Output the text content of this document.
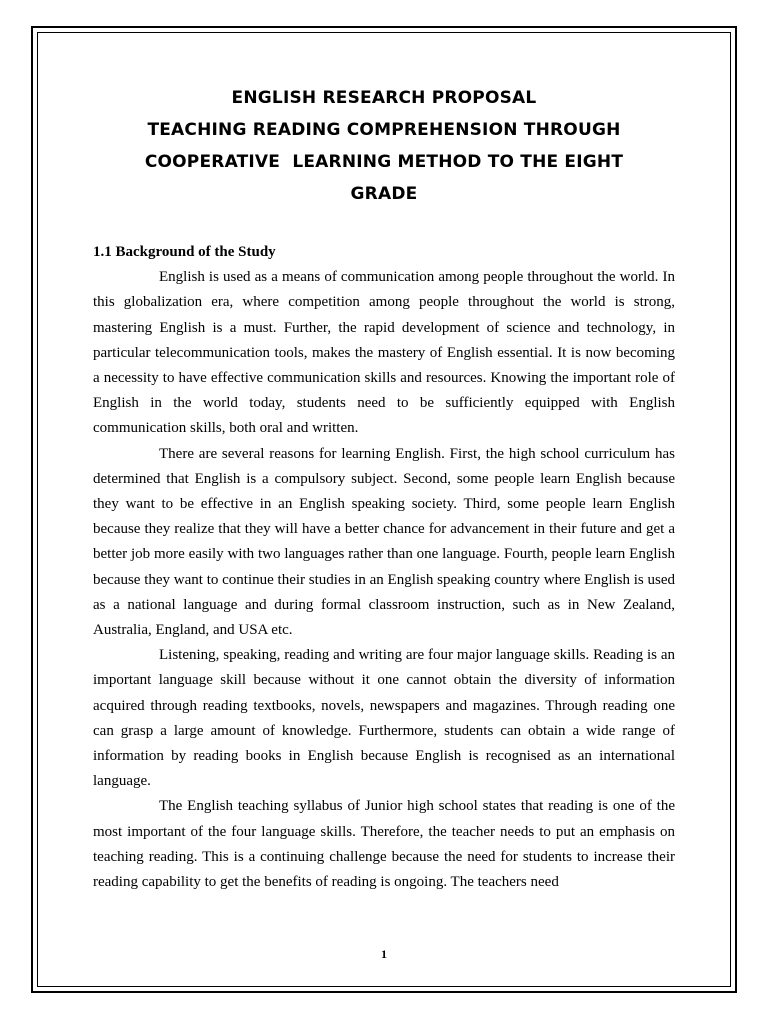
ENGLISH RESEARCH PROPOSAL
TEACHING READING COMPREHENSION THROUGH
COOPERATIVE  LEARNING METHOD TO THE EIGHT
GRADE

1.1 Background of the Study

English is used as a means of communication among people throughout the world. In this globalization era, where competition among people throughout the world is strong, mastering English is a must. Further, the rapid development of science and technology, in particular telecommunication tools, makes the mastery of English essential. It is now becoming a necessity to have effective communication skills and resources. Knowing the important role of English in the world today, students need to be sufficiently equipped with English communication skills, both oral and written.

There are several reasons for learning English. First, the high school curriculum has determined that English is a compulsory subject. Second, some people learn English because they want to be effective in an English speaking society. Third, some people learn English because they realize that they will have a better chance for advancement in their future and get a better job more easily with two languages rather than one language. Fourth, people learn English because they want to continue their studies in an English speaking country where English is used as a national language and during formal classroom instruction, such as in New Zealand, Australia, England, and USA etc.

Listening, speaking, reading and writing are four major language skills. Reading is an important language skill because without it one cannot obtain the diversity of information acquired through reading textbooks, novels, newspapers and magazines. Through reading one can grasp a large amount of knowledge. Furthermore, students can obtain a wide range of information by reading books in English because English is recognised as an international language.

The English teaching syllabus of Junior high school states that reading is one of the most important of the four language skills. Therefore, the teacher needs to put an emphasis on teaching reading. This is a continuing challenge because the need for students to increase their reading capability to get the benefits of reading is ongoing. The teachers need

1
